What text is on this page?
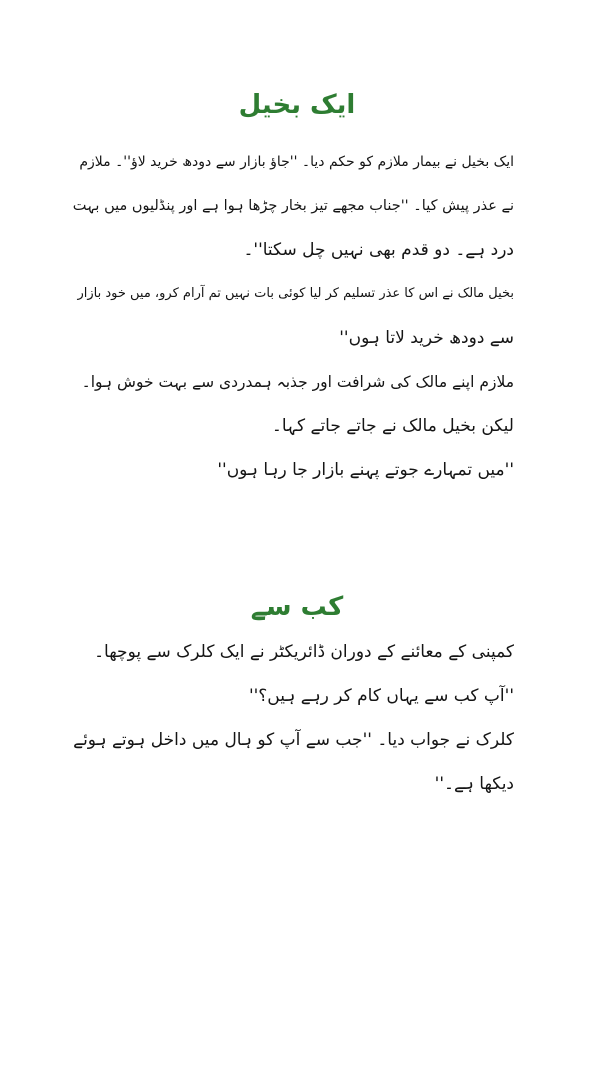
ایک بخیل
ایک بخیل نے بیمار ملازم کو حکم دیا۔ ''جاؤ بازار سے دودھ خرید لاؤ''۔ ملازم
نے عذر پیش کیا۔ ''جناب مجھے تیز بخار چڑھا ہوا ہے اور پنڈلیوں میں بہت
درد ہے۔ دو قدم بھی نہیں چل سکتا''۔
بخیل مالک نے اس کا عذر تسلیم کر لیا کوئی بات نہیں تم آرام کرو، میں خود بازار
سے دودھ خرید لاتا ہوں''
ملازم اپنے مالک کی شرافت اور جذبہ ہمدردی سے بہت خوش ہوا۔
لیکن بخیل مالک نے جاتے جاتے کہا۔
''میں تمہارے جوتے پہنے بازار جا رہا ہوں''
کب سے
کمپنی کے معائنے کے دوران ڈائریکٹر نے ایک کلرک سے پوچھا۔
''آپ کب سے یہاں کام کر رہے ہیں؟''
کلرک نے جواب دیا۔ ''جب سے آپ کو ہال میں داخل ہوتے ہوئے
دیکھا ہے۔''
